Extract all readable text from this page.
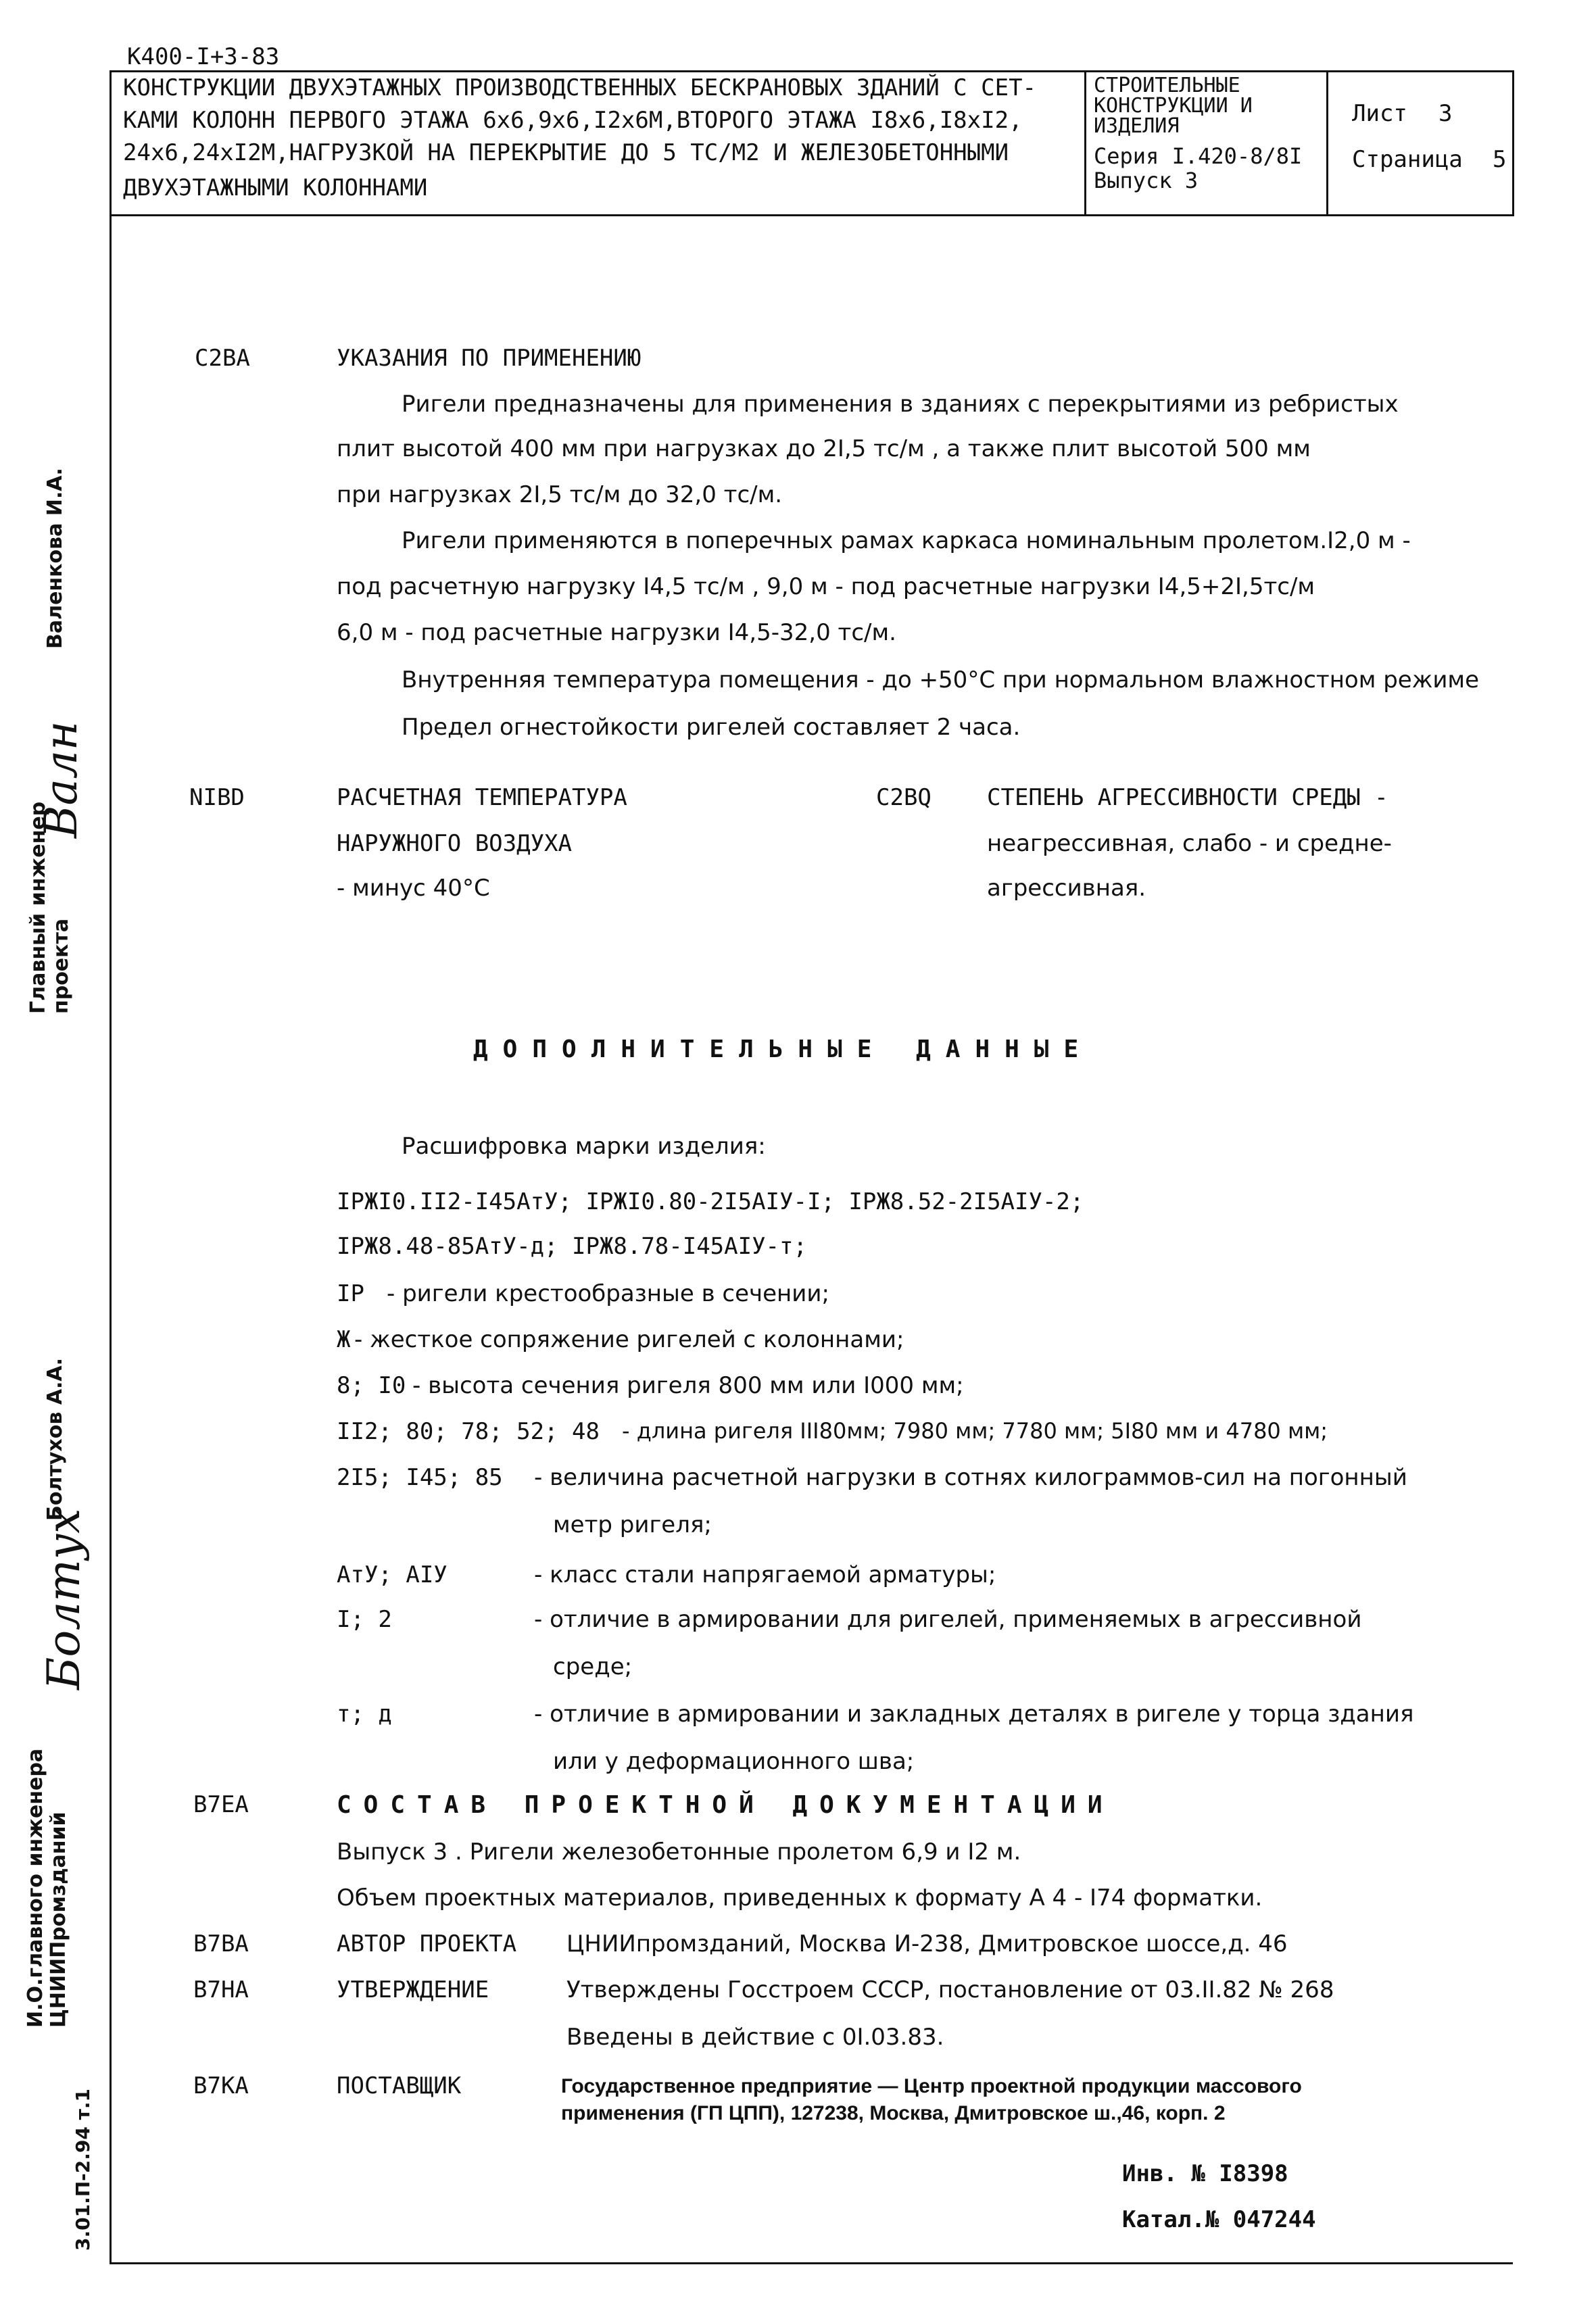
К400-I+3-83
КОНСТРУКЦИИ ДВУХЭТАЖНЫХ ПРОИЗВОДСТВЕННЫХ БЕСКРАНОВЫХ ЗДАНИЙ С СЕТ-
КАМИ КОЛОНН ПЕРВОГО ЭТАЖА 6x6,9x6,I2x6М,ВТОРОГО ЭТАЖА I8x6,I8xI2,
24x6,24xI2М,НАГРУЗКОЙ НА ПЕРЕКРЫТИЕ ДО 5 ТС/М2 И ЖЕЛЕЗОБЕТОННЫМИ
ДВУХЭТАЖНЫМИ КОЛОННАМИ
СТРОИТЕЛЬНЫЕ
КОНСТРУКЦИИ И
ИЗДЕЛИЯ
Серия I.420-8/8I
Выпуск 3
Лист 3
Страница 5
Главный инженер проекта
Валн
Валенкова И.А.
И.О.главного инженера ЦНИИПромзданий
Болтух
Болтухов А.А.
3.01.П-2.94 т.1
C2BA	УКАЗАНИЯ ПО ПРИМЕНЕНИЮ
Ригели предназначены для применения в зданиях с перекрытиями из ребристых
плит высотой 400 мм при нагрузках до 2I,5 тс/м , а также плит высотой 500 мм
при нагрузках 2I,5 тс/м до 32,0 тс/м.
Ригели применяются в поперечных рамах каркаса номинальным пролетом.I2,0 м -
под расчетную нагрузку I4,5 тс/м , 9,0 м - под расчетные нагрузки I4,5+2I,5тс/м
6,0 м - под расчетные нагрузки I4,5-32,0 тс/м.
Внутренняя температура помещения - до +50°С при нормальном влажностном режиме
Предел огнестойкости ригелей составляет 2 часа.
NIBD	РАСЧЕТНАЯ ТЕМПЕРАТУРА
НАРУЖНОГО ВОЗДУХА
- минус 40°С
C2BQ СТЕПЕНЬ АГРЕССИВНОСТИ СРЕДЫ -
неагрессивная, слабо - и средне-
агрессивная.
ДОПОЛНИТЕЛЬНЫЕ ДАННЫЕ
Расшифровка марки изделия:
IРЖI0.II2-I45АтУ; IРЖI0.80-2I5АIУ-I; IРЖ8.52-2I5АIУ-2;
IРЖ8.48-85АтУ-д; IРЖ8.78-I45АIУ-т;
IР - ригели крестообразные в сечении;
Ж - жесткое сопряжение ригелей с колоннами;
8; I0 - высота сечения ригеля 800 мм или I000 мм;
II2; 80; 78; 52; 48 - длина ригеля III80мм; 7980 мм; 7780 мм; 5I80 мм и 4780 мм;
2I5; I45; 85 - величина расчетной нагрузки в сотнях килограммов-сил на погонный
метр ригеля;
АтУ; АIУ	- класс стали напрягаемой арматуры;
I; 2	- отличие в армировании для ригелей, применяемых в агрессивной
среде;
т; д	- отличие в армировании и закладных деталях в ригеле у торца здания
или у деформационного шва;
B7EA	СОСТАВ ПРОЕКТНОЙ ДОКУМЕНТАЦИИ
Выпуск 3 . Ригели железобетонные пролетом 6,9 и I2 м.
Объем проектных материалов, приведенных к формату А 4 - I74 форматки.
B7BA	АВТОР ПРОЕКТА ЦНИИпромзданий, Москва И-238, Дмитровское шоссе,д. 46
B7HA	УТВЕРЖДЕНИЕ	Утверждены Госстроем СССР, постановление от 03.II.82 № 268
Введены в действие с 0I.03.83.
B7KA	ПОСТАВЩИК	Государственное предприятие — Центр проектной продукции массового
применения (ГП ЦПП), 127238, Москва, Дмитровское ш.,46, корп. 2
Инв. № I8398
Катал.№ 047244
